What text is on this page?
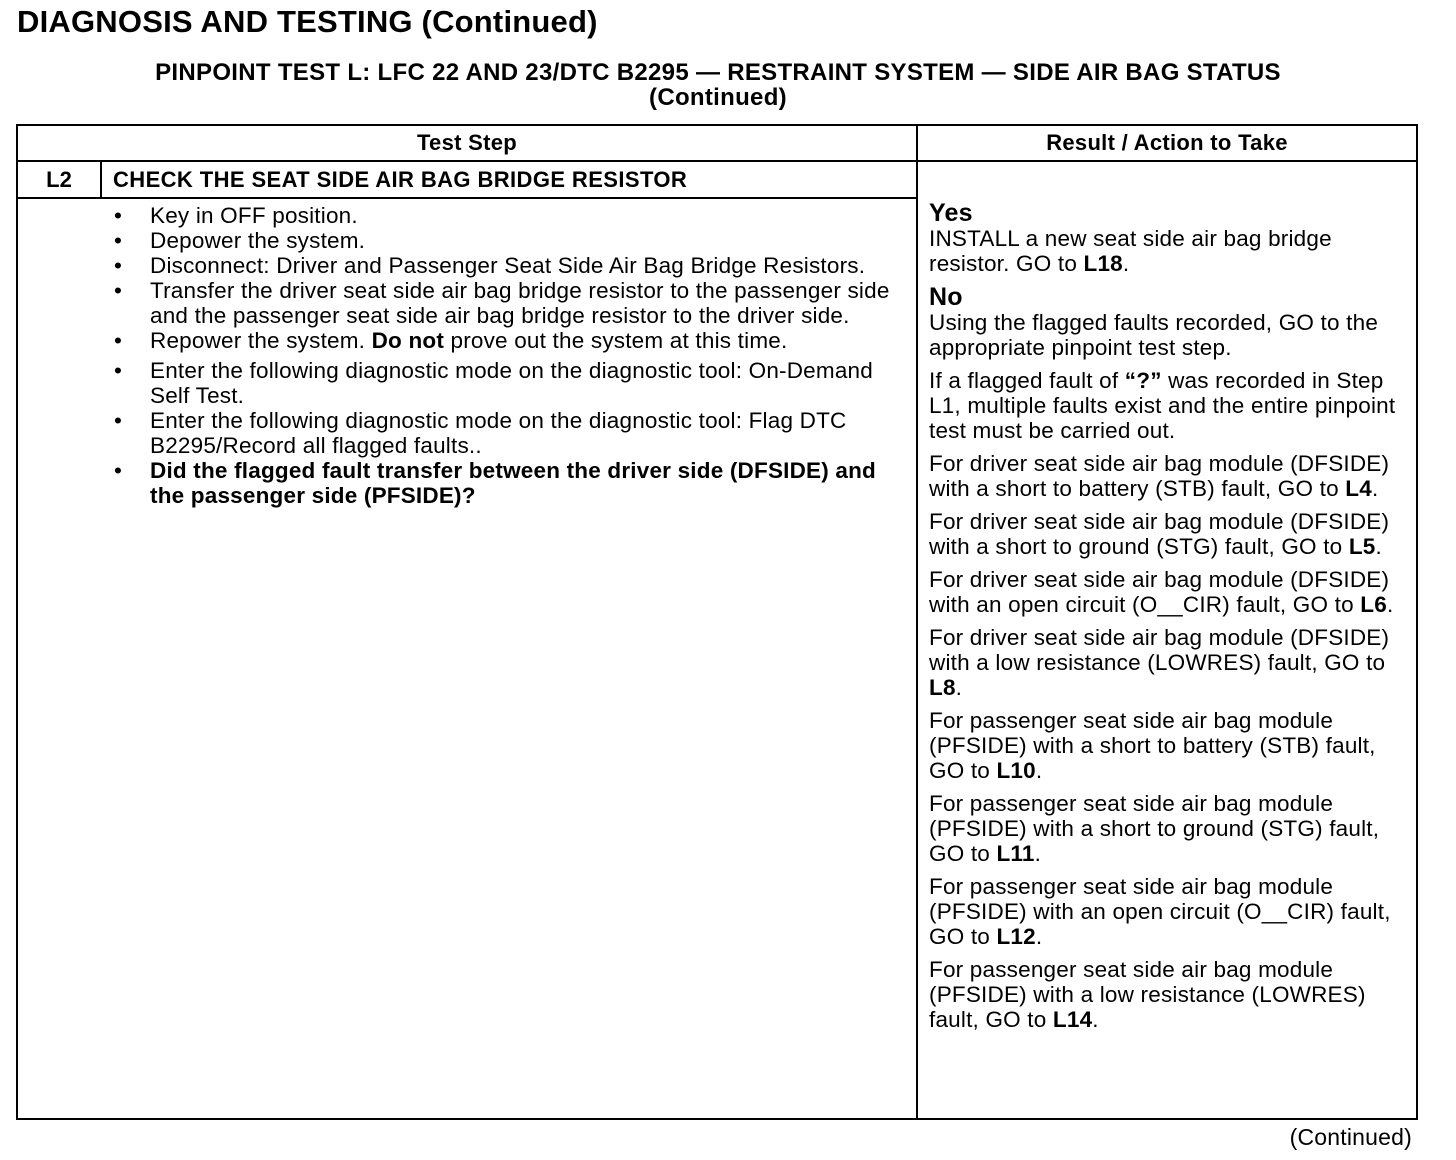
DIAGNOSIS AND TESTING (Continued)
PINPOINT TEST L: LFC 22 AND 23/DTC B2295 — RESTRAINT SYSTEM — SIDE AIR BAG STATUS
(Continued)
Test Step	Result / Action to Take
L2	CHECK THE SEAT SIDE AIR BAG BRIDGE RESISTOR
• Key in OFF position.
• Depower the system.
• Disconnect: Driver and Passenger Seat Side Air Bag Bridge Resistors.
• Transfer the driver seat side air bag bridge resistor to the passenger side and the passenger seat side air bag bridge resistor to the driver side.
• Repower the system. Do not prove out the system at this time.
• Enter the following diagnostic mode on the diagnostic tool: On-Demand Self Test.
• Enter the following diagnostic mode on the diagnostic tool: Flag DTC B2295/Record all flagged faults..
• Did the flagged fault transfer between the driver side (DFSIDE) and the passenger side (PFSIDE)?
Yes

INSTALL a new seat side air bag bridge resistor. GO to L18.

No

Using the flagged faults recorded, GO to the appropriate pinpoint test step.

If a flagged fault of “?” was recorded in Step L1, multiple faults exist and the entire pinpoint test must be carried out.

For driver seat side air bag module (DFSIDE) with a short to battery (STB) fault, GO to L4.

For driver seat side air bag module (DFSIDE) with a short to ground (STG) fault, GO to L5.

For driver seat side air bag module (DFSIDE) with an open circuit (O__CIR) fault, GO to L6.

For driver seat side air bag module (DFSIDE) with a low resistance (LOWRES) fault, GO to L8.

For passenger seat side air bag module (PFSIDE) with a short to battery (STB) fault, GO to L10.

For passenger seat side air bag module (PFSIDE) with a short to ground (STG) fault, GO to L11.

For passenger seat side air bag module (PFSIDE) with an open circuit (O__CIR) fault, GO to L12.

For passenger seat side air bag module (PFSIDE) with a low resistance (LOWRES) fault, GO to L14.

(Continued)
